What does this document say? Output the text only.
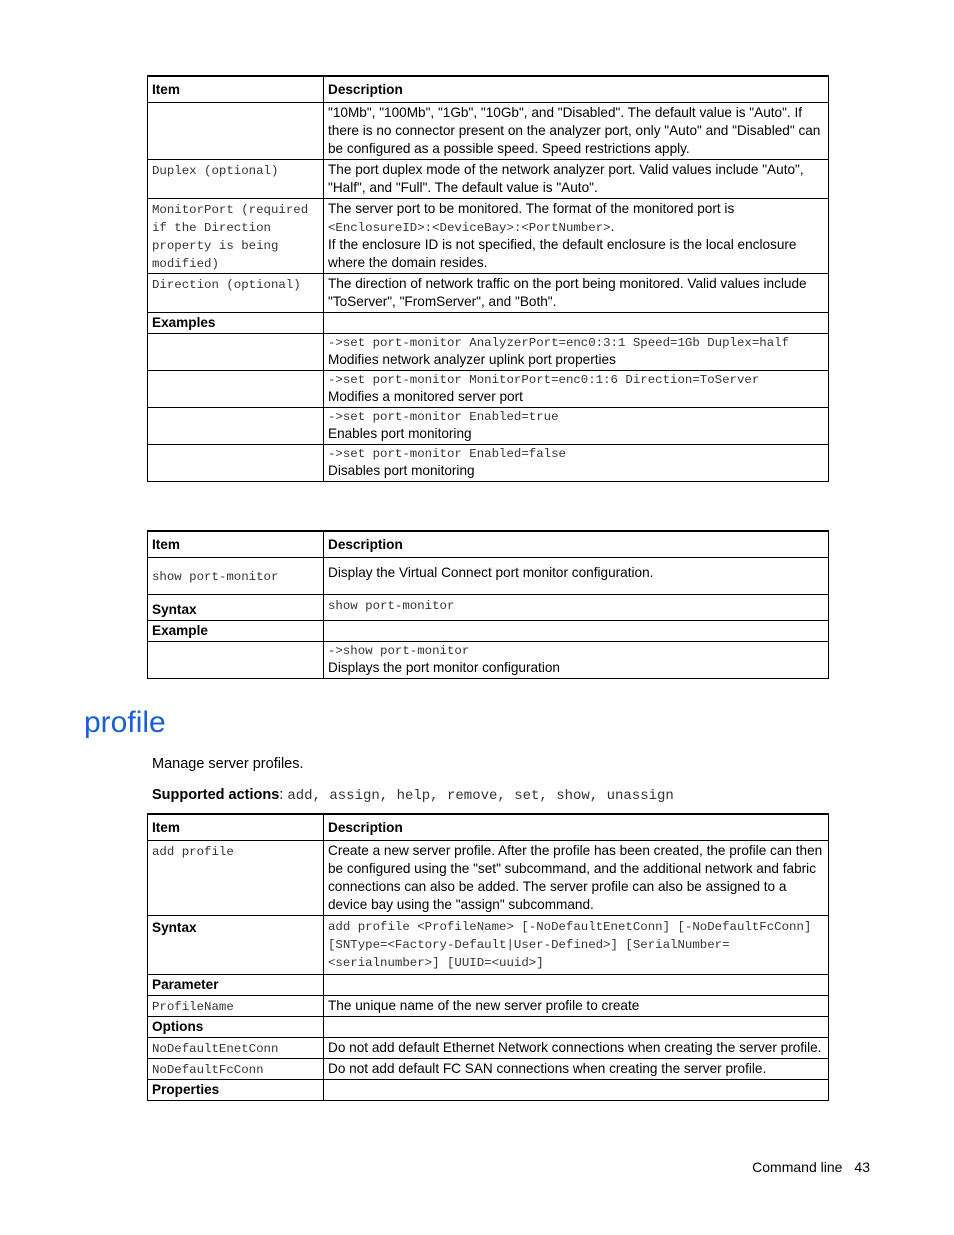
Item	Description
	"10Mb", "100Mb", "1Gb", "10Gb", and "Disabled". The default value is "Auto". If there is no connector present on the analyzer port, only "Auto" and "Disabled" can be configured as a possible speed. Speed restrictions apply.
Duplex (optional)	The port duplex mode of the network analyzer port. Valid values include "Auto", "Half", and "Full". The default value is "Auto".
MonitorPort (required if the Direction property is being modified)	The server port to be monitored. The format of the monitored port is
<EnclosureID>:<DeviceBay>:<PortNumber>.
If the enclosure ID is not specified, the default enclosure is the local enclosure where the domain resides.

Direction (optional)	The direction of network traffic on the port being monitored. Valid values include "ToServer", "FromServer", and "Both".
Examples	

	->set port-monitor AnalyzerPort=enc0:3:1 Speed=1Gb Duplex=half
Modifies network analyzer uplink port properties

	->set port-monitor MonitorPort=enc0:1:6 Direction=ToServer
Modifies a monitored server port

	->set port-monitor Enabled=true
Enables port monitoring

	->set port-monitor Enabled=false
Disables port monitoring
Item	Description
show port-monitor	Display the Virtual Connect port monitor configuration.
Syntax	show port-monitor
Example	

	->show port-monitor
Displays the port monitor configuration
profile

Manage server profiles.

Supported actions: add, assign, help, remove, set, show, unassign

Item	Description
add profile	Create a new server profile. After the profile has been created, the profile can then be configured using the "set" subcommand, and the additional network and fabric connections can also be added. The server profile can also be assigned to a device bay using the "assign" subcommand.
Syntax	add profile <ProfileName> [-NoDefaultEnetConn] [-NoDefaultFcConn] [SNType=<Factory-Default|User-Defined>] [SerialNumber=<serialnumber>] [UUID=<uuid>]
Parameter	
ProfileName	The unique name of the new server profile to create
Options	
NoDefaultEnetConn	Do not add default Ethernet Network connections when creating the server profile.
NoDefaultFcConn	Do not add default FC SAN connections when creating the server profile.
Properties	
Command line 43
